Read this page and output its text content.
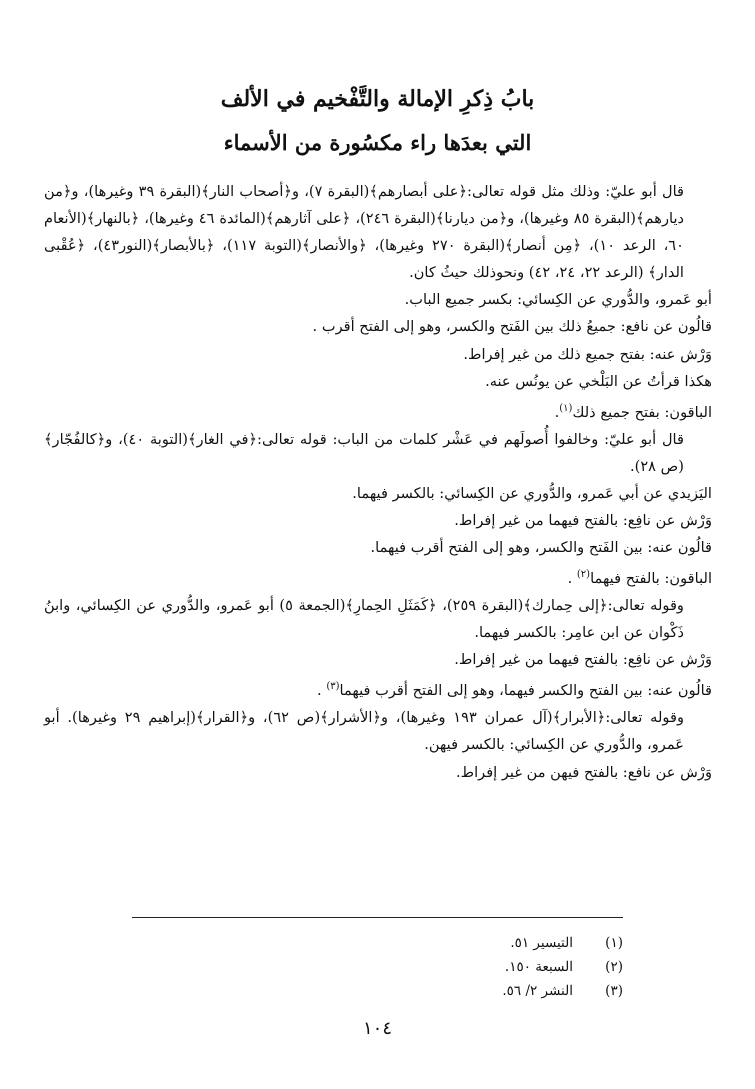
بابُ ذِكرِ الإمالة والتَّفْخيم في الألف
التي بعدَها راء مكسُورة من الأسماء

قال أبو عليّ: وذلك مثل قوله تعالى:﴿على أبصارهم﴾(البقرة ٧)، و﴿أصحاب النار﴾(البقرة ٣٩ وغيرها)، و﴿من ديارهم﴾(البقرة ٨٥ وغيرها)، و﴿من ديارنا﴾(البقرة ٢٤٦)، ﴿على آثارهم﴾(المائدة ٤٦ وغيرها)، ﴿بالنهار﴾(الأنعام ٦٠، الرعد ١٠)، ﴿مِن أنصار﴾(البقرة ٢٧٠ وغيرها)، ﴿والأنصار﴾(التوبة ١١٧)، ﴿بالأبصار﴾(النور٤٣)، ﴿عُقْبى الدار﴾ (الرعد ٢٢، ٢٤، ٤٢) ونحوذلك حيثُ كان.

أبو عَمرو، والدُّوري عن الكِسائي: بكسر جميع الباب.

قالُون عن نافع: جميعُ ذلك بين الفَتح والكسر، وهو إلى الفتح أقرب .

وَرْش عنه: بفتح جميع ذلك من غير إفراط.

هكذا قرأتُ عن البَلْخي عن يونُس عنه.

الباقون: بفتح جميع ذلك$^{(١)}$.

قال أبو عليّ: وخالفوا أُصولَهم في عَشْر كلمات من الباب: قوله تعالى:﴿في الغار﴾(التوبة ٤٠)، و﴿كالفُجّار﴾(ص ٢٨).

اليَزيدي عن أبي عَمرو، والدُّوري عن الكِسائي: بالكسر فيهما.

وَرْش عن نافِع: بالفتح فيهما من غير إفراط.

قالُون عنه: بين الفَتح والكسر، وهو إلى الفتح أقرب فيهما.

الباقون: بالفتح فيهما$^{(٢)}$ .

وقوله تعالى:﴿إلى حِمارك﴾(البقرة ٢٥٩)، ﴿كَمَثَلِ الحِمارِ﴾(الجمعة ٥) أبو عَمرو، والدُّوري عن الكِسائي، وابنُ ذَكْوان عن ابن عامِر: بالكسر فيهما.

وَرْش عن نافِع: بالفتح فيهما من غير إفراط.

قالُون عنه: بين الفتح والكسر فيهما، وهو إلى الفتح أقرب فيهما$^{(٣)}$ .

وقوله تعالى:﴿الأبرار﴾(آل عمران ١٩٣ وغيرها)، و﴿الأشرار﴾(ص ٦٢)، و﴿القرار﴾(إبراهيم ٢٩ وغيرها). أبو عَمرو، والدُّوري عن الكِسائي: بالكسر فيهن.

وَرْش عن نافع: بالفتح فيهن من غير إفراط.

(١)
التيسير ٥١.
(٢)
السبعة ١٥٠.
(٣)
النشر ٢/ ٥٦.
١٠٤
